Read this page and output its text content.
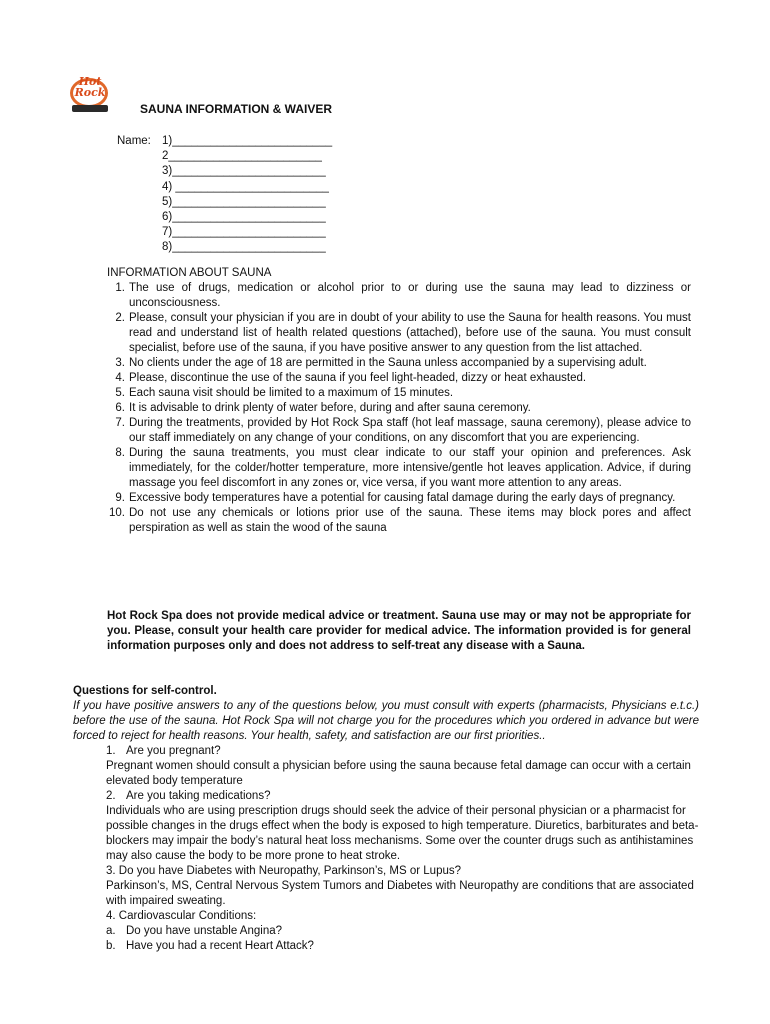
Hot Rock
SAUNA INFORMATION & WAIVER
Name: 1)_________________________
2________________________
3)________________________
4) ________________________
5)________________________
6)________________________
7)________________________
8)________________________
INFORMATION ABOUT SAUNA
1. The use of drugs, medication or alcohol prior to or during use the sauna may lead to dizziness or unconsciousness.
2. Please, consult your physician if you are in doubt of your ability to use the Sauna for health reasons. You must read and understand list of health related questions (attached), before use of the sauna. You must consult specialist, before use of the sauna, if you have positive answer to any question from the list attached.
3. No clients under the age of 18 are permitted in the Sauna unless accompanied by a supervising adult.
4. Please, discontinue the use of the sauna if you feel light-headed, dizzy or heat exhausted.
5. Each sauna visit should be limited to a maximum of 15 minutes.
6. It is advisable to drink plenty of water before, during and after sauna ceremony.
7. During the treatments, provided by Hot Rock Spa staff (hot leaf massage, sauna ceremony), please advice to our staff immediately on any change of your conditions, on any discomfort that you are experiencing.
8. During the sauna treatments, you must clear indicate to our staff your opinion and preferences. Ask immediately, for the colder/hotter temperature, more intensive/gentle hot leaves application. Advice, if during massage you feel discomfort in any zones or, vice versa, if you want more attention to any areas.
9. Excessive body temperatures have a potential for causing fatal damage during the early days of pregnancy.
10. Do not use any chemicals or lotions prior use of the sauna. These items may block pores and affect perspiration as well as stain the wood of the sauna
Hot Rock Spa does not provide medical advice or treatment. Sauna use may or may not be appropriate for you. Please, consult your health care provider for medical advice. The information provided is for general information purposes only and does not address to self-treat any disease with a Sauna.
Questions for self-control.
If you have positive answers to any of the questions below, you must consult with experts (pharmacists, Physicians e.t.c.) before the use of the sauna. Hot Rock Spa will not charge you for the procedures which you ordered in advance but were forced to reject for health reasons. Your health, safety, and satisfaction are our first priorities..
1. Are you pregnant?
Pregnant women should consult a physician before using the sauna because fetal damage can occur with a certain elevated body temperature
2. Are you taking medications?
Individuals who are using prescription drugs should seek the advice of their personal physician or a pharmacist for possible changes in the drugs effect when the body is exposed to high temperature. Diuretics, barbiturates and beta-blockers may impair the body’s natural heat loss mechanisms. Some over the counter drugs such as antihistamines may also cause the body to be more prone to heat stroke.
3. Do you have Diabetes with Neuropathy, Parkinson’s, MS or Lupus?
Parkinson’s, MS, Central Nervous System Tumors and Diabetes with Neuropathy are conditions that are associated with impaired sweating.
4. Cardiovascular Conditions:
a. Do you have unstable Angina?
b. Have you had a recent Heart Attack?
